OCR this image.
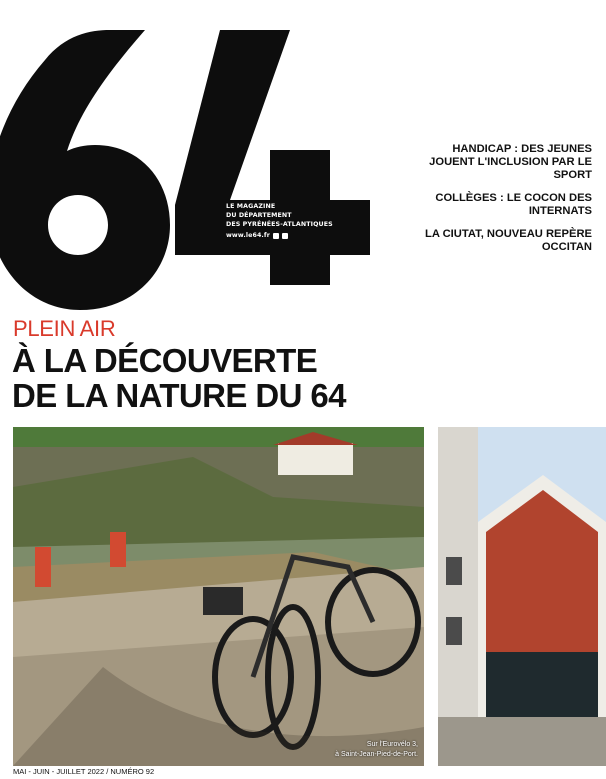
LE MAGAZINE
DU DÉPARTEMENT
DES PYRÉNÉES-ATLANTIQUES
www.le64.fr
HANDICAP : DES JEUNES JOUENT L'INCLUSION PAR LE SPORT
COLLÈGES : LE COCON DES INTERNATS
LA CIUTAT, NOUVEAU REPÈRE OCCITAN
PLEIN AIR
À LA DÉCOUVERTE
DE LA NATURE DU 64
Sur l'Eurovélo 3,
à Saint-Jean-Pied-de-Port.
MAI - JUIN - JUILLET 2022 / NUMÉRO 92
